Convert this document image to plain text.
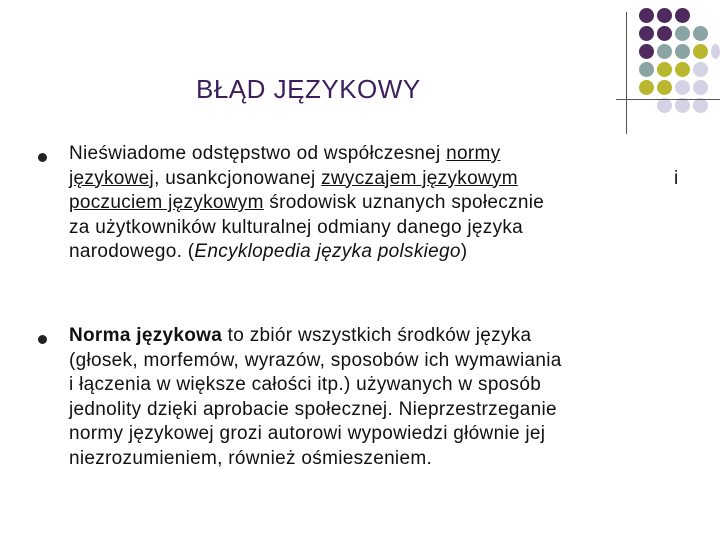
BŁĄD JĘZYKOWY
Nieświadome odstępstwo od współczesnej normy
językowej, usankcjonowanej zwyczajem językowym	i
poczuciem językowym środowisk uznanych społecznie
za użytkowników kulturalnej odmiany danego języka
narodowego. (Encyklopedia języka polskiego)
Norma językowa to zbiór wszystkich środków języka
(głosek, morfemów, wyrazów, sposobów ich wymawiania
i łączenia w większe całości itp.) używanych w sposób
jednolity dzięki aprobacie społecznej. Nieprzestrzeganie
normy językowej grozi autorowi wypowiedzi głównie jej
niezrozumieniem, również ośmieszeniem.
